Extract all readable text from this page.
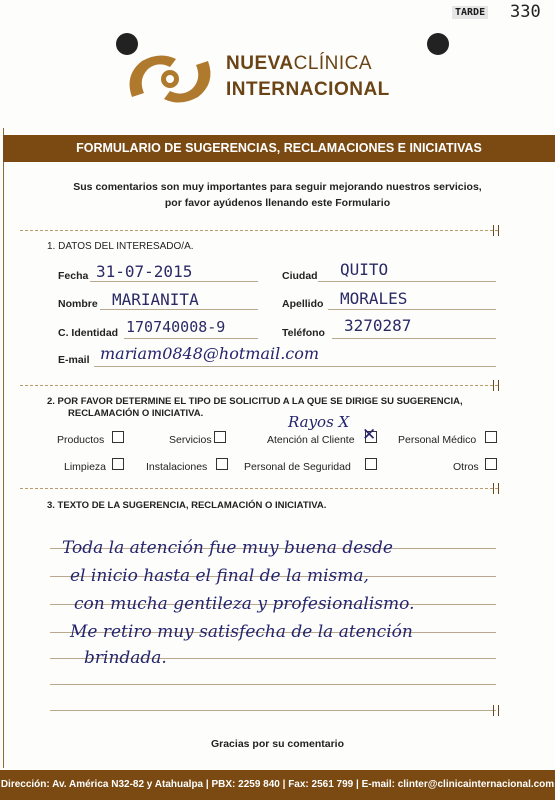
TARDE 330
NUEVACLÍNICA
INTERNACIONAL
FORMULARIO DE SUGERENCIAS, RECLAMACIONES E INICIATIVAS
Sus comentarios son muy importantes para seguir mejorando nuestros servicios,
por favor ayúdenos llenando este Formulario
1. DATOS DEL INTERESADO/A.
Fecha 31-07-2015	Ciudad QUITO
Nombre MARIANITA	Apellido MORALES
C. Identidad 170740008-9	Teléfono 3270287
E-mail mariam0848@hotmail.com
2. POR FAVOR DETERMINE EL TIPO DE SOLICITUD A LA QUE SE DIRIGE SU SUGERENCIA,
RECLAMACIÓN O INICIATIVA.	Rayos X
Productos	Servicios	Atención al Cliente ✕ Personal Médico
Limpieza	Instalaciones	Personal de Seguridad	Otros
3. TEXTO DE LA SUGERENCIA, RECLAMACIÓN O INICIATIVA.
Toda la atención fue muy buena desde
el inicio hasta el final de la misma,
con mucha gentileza y profesionalismo.
Me retiro muy satisfecha de la atención
brindada.
Gracias por su comentario
Dirección: Av. América N32-82 y Atahualpa | PBX: 2259 840 | Fax: 2561 799 | E-mail: clinter@clinicainternacional.com
